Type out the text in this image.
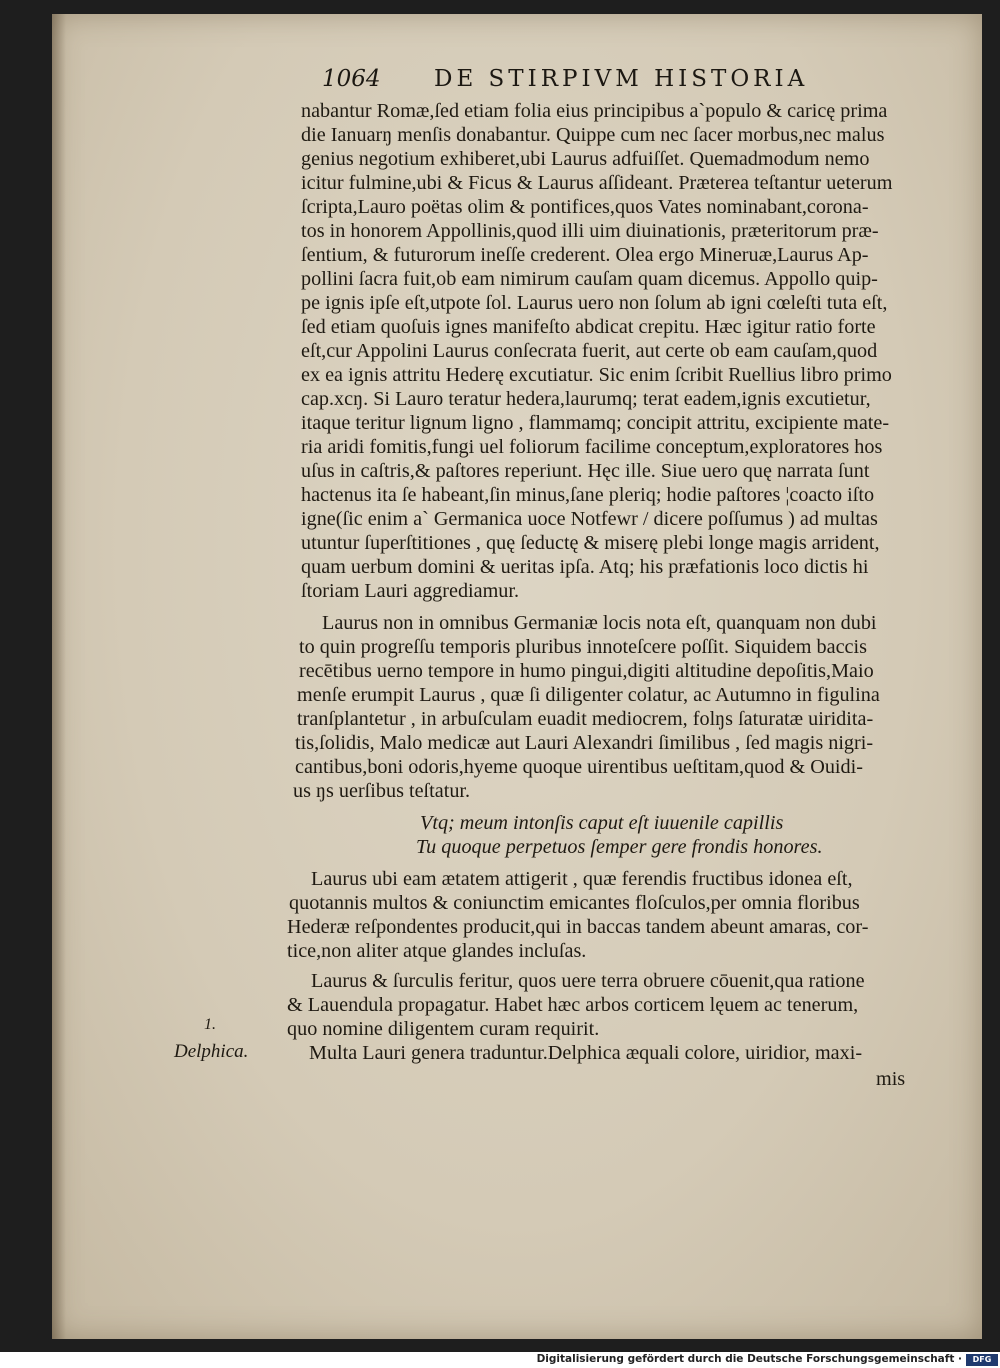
1064 DE STIRPIVM HISTORIA
nabantur Romæ,ſed etiam folia eius principibus a`populo & caricę prima
die Ianuarŋ menſis donabantur. Quippe cum nec ſacer morbus,nec malus
genius negotium exhiberet,ubi Laurus adfuiſſet. Quemadmodum nemo
icitur fulmine,ubi & Ficus & Laurus aſſideant. Præterea teſtantur ueterum
ſcripta,Lauro poëtas olim & pontifices,quos Vates nominabant,corona-
tos in honorem Appollinis,quod illi uim diuinationis, præteritorum præ-
ſentium, & futurorum ineſſe crederent. Olea ergo Mineruæ,Laurus Ap-
pollini ſacra fuit,ob eam nimirum cauſam quam dicemus. Appollo quip-
pe ignis ipſe eſt,utpote ſol. Laurus uero non ſolum ab igni cœleſti tuta eſt,
ſed etiam quoſuis ignes manifeſto abdicat crepitu. Hæc igitur ratio forte
eſt,cur Appolini Laurus conſecrata fuerit, aut certe ob eam cauſam,quod
ex ea ignis attritu Hederę excutiatur. Sic enim ſcribit Ruellius libro primo
cap.xcŋ. Si Lauro teratur hedera,laurumq; terat eadem,ignis excutietur,
itaque teritur lignum ligno , flammamq; concipit attritu, excipiente mate-
ria aridi fomitis,fungi uel foliorum facilime conceptum,exploratores hos
uſus in caſtris,& paſtores reperiunt. Hęc ille. Siue uero quę narrata ſunt
hactenus ita ſe habeant,ſin minus,ſane pleriq; hodie paſtores ¦coacto iſto
igne(ſic enim a` Germanica uoce Notfewr / dicere poſſumus ) ad multas
utuntur ſuperſtitiones , quę ſeductę & miserę plebi longe magis arrident,
quam uerbum domini & ueritas ipſa. Atq; his præfationis loco dictis hi
ſtoriam Lauri aggrediamur.
Laurus non in omnibus Germaniæ locis nota eſt, quanquam non dubi
to quin progreſſu temporis pluribus innoteſcere poſſit. Siquidem baccis
recētibus uerno tempore in humo pingui,digiti altitudine depoſitis,Maio
menſe erumpit Laurus , quæ ſi diligenter colatur, ac Autumno in figulina
tranſplantetur , in arbuſculam euadit mediocrem, folŋs ſaturatæ uiridita-
tis,ſolidis, Malo medicæ aut Lauri Alexandri ſimilibus , ſed magis nigri-
cantibus,boni odoris,hyeme quoque uirentibus ueſtitam,quod & Ouidi-
us ŋs uerſibus teſtatur.
Vtq; meum intonſis caput eſt iuuenile capillis
Tu quoque perpetuos ſemper gere frondis honores.
Laurus ubi eam ætatem attigerit , quæ ferendis fructibus idonea eſt,
quotannis multos & coniunctim emicantes floſculos,per omnia floribus
Hederæ reſpondentes producit,qui in baccas tandem abeunt amaras, cor-
tice,non aliter atque glandes incluſas.
Laurus & ſurculis feritur, quos uere terra obruere cōuenit,qua ratione
& Lauendula propagatur. Habet hæc arbos corticem lęuem ac tenerum,
quo nomine diligentem curam requirit.
Multa Lauri genera traduntur.Delphica æquali colore, uiridior, maxi-
mis
1.
Delphica.
Digitalisierung gefördert durch die Deutsche Forschungsgemeinschaft ·	DFG
